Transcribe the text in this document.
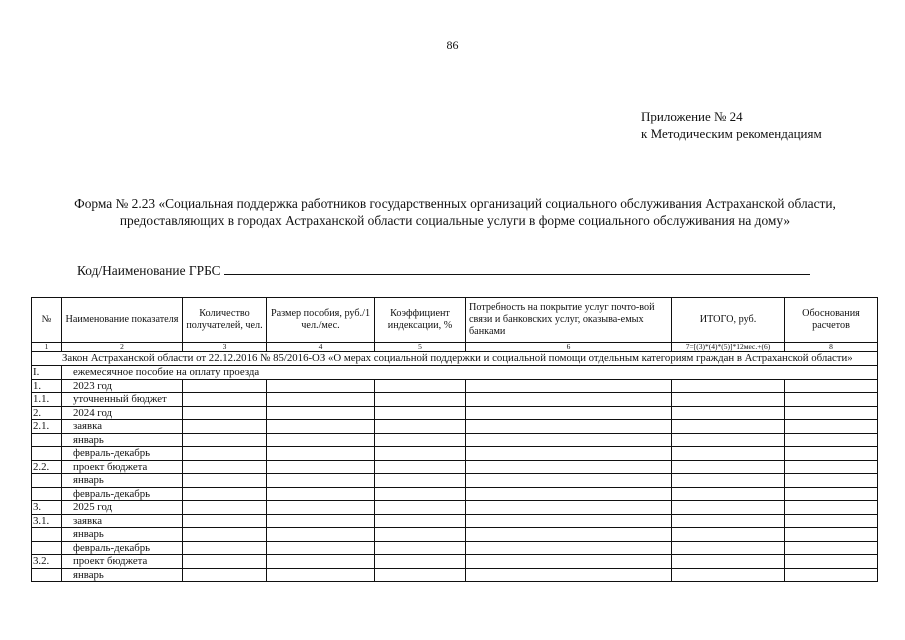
86
Приложение № 24
к Методическим рекомендациям
Форма № 2.23 «Социальная поддержка работников государственных организаций социального обслуживания Астраханской области, предоставляющих в городах Астраханской области социальные услуги в форме социального обслуживания на дому»
Код/Наименование ГРБС
№	Наименование показателя	Количество получателей, чел.	Размер пособия, руб./1 чел./мес.	Коэффициент индексации, %	Потребность на покрытие услуг почто-вой связи и банковских услуг, оказыва-емых банками	ИТОГО, руб.	Обоснования расчетов
1	2	3	4	5	6	7=[(3)*(4)*(5)]*12мес.+(6)	8
Закон Астраханской области от 22.12.2016 № 85/2016-ОЗ «О мерах социальной поддержки и социальной помощи отдельным категориям граждан в Астраханской области»							
I.	ежемесячное пособие на оплату проезда						
1.	2023 год						
1.1.	уточненный бюджет						
2.	2024 год						
2.1.	заявка						
	январь						
	февраль-декабрь						
2.2.	проект бюджета						
	январь						
	февраль-декабрь						
3.	2025 год						
3.1.	заявка						
	январь						
	февраль-декабрь						
3.2.	проект бюджета						
	январь						
